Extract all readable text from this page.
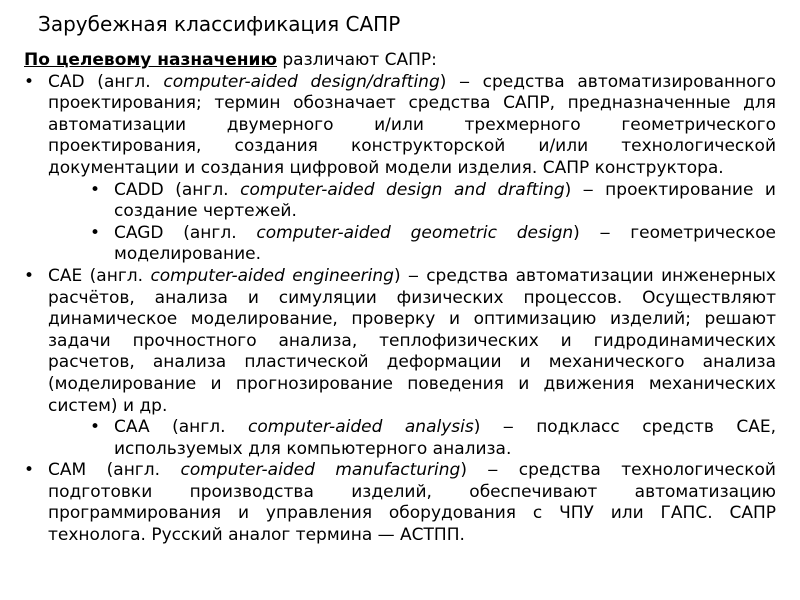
Зарубежная классификация САПР

По целевому назначению различают САПР:

• CAD (англ. computer-aided design/drafting) ‒ средства автоматизированного проектирования; термин обозначает средства САПР, предназначенные для автоматизации двумерного и/или трехмерного геометрического проектирования, создания конструкторской и/или технологической документации и создания цифровой модели изделия. САПР конструктора.
• CADD (англ. computer-aided design and drafting) ‒ проектирование и создание чертежей.
• CAGD (англ. computer-aided geometric design) ‒ геометрическое моделирование.
• CAE (англ. computer-aided engineering) ‒ средства автоматизации инженерных расчётов, анализа и симуляции физических процессов. Осуществляют динамическое моделирование, проверку и оптимизацию изделий; решают задачи прочностного анализа, теплофизических и гидродинамических расчетов, анализа пластической деформации и механического анализа (моделирование и прогнозирование поведения и движения механических систем) и др.
• CAA (англ. computer-aided analysis) ‒ подкласс средств CAE, используемых для компьютерного анализа.
• CAM (англ. computer-aided manufacturing) ‒ средства технологической подготовки производства изделий, обеспечивают автоматизацию программирования и управления оборудования с ЧПУ или ГАПС. САПР технолога. Русский аналог термина — АСТПП.
